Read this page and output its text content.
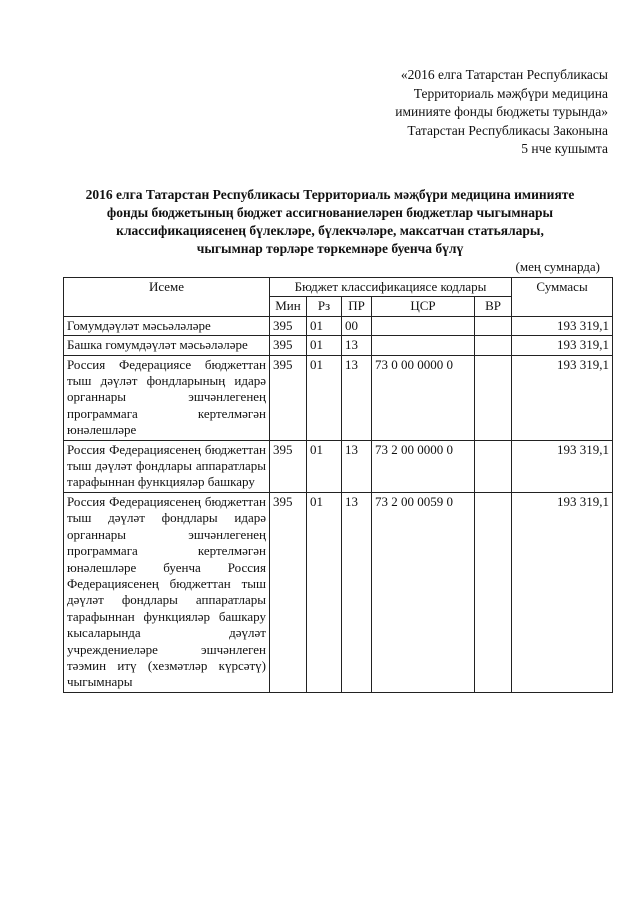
«2016 елга Татарстан Республикасы
Территориаль мәҗбүри медицина
иминияте фонды бюджеты турында»
Татарстан Республикасы Законына
5 нче кушымта
2016 елга Татарстан Республикасы Территориаль мәҗбүри медицина иминияте
фонды бюджетының бюджет ассигнованиеләрен бюджетлар чыгымнары
классификациясенең бүлекләре, бүлекчәләре, максатчан статьялары,
чыгымнар төрләре төркемнәре буенча бүлү
(мең сумнарда)
Исеме	Бюджет классификациясе кодлары					Суммасы
	Мин	Рз	ПР	ЦСР	ВР	
Гомумдәүләт мәсьәләләре	395	01	00			193 319,1
Башка гомумдәүләт мәсьәләләре	395	01	13			193 319,1
Россия Федерациясе бюджеттан тыш дәүләт фондларының идарә органнары эшчәнлегенең программага кертелмәгән юнәлешләре	395	01	13	73 0 00 0000 0		193 319,1
Россия Федерациясенең бюджеттан тыш дәүләт фондлары аппаратлары тарафыннан функцияләр башкару	395	01	13	73 2 00 0000 0		193 319,1
Россия Федерациясенең бюджеттан тыш дәүләт фондлары идарә органнары эшчәнлегенең программага кертелмәгән юнәлешләре буенча Россия Федерациясенең бюджеттан тыш дәүләт фондлары аппаратлары тарафыннан функцияләр башкару кысаларында дәүләт учреждениеләре эшчәнлеген тәэмин итү (хезмәтләр күрсәтү) чыгымнары	395	01	13	73 2 00 0059 0		193 319,1
